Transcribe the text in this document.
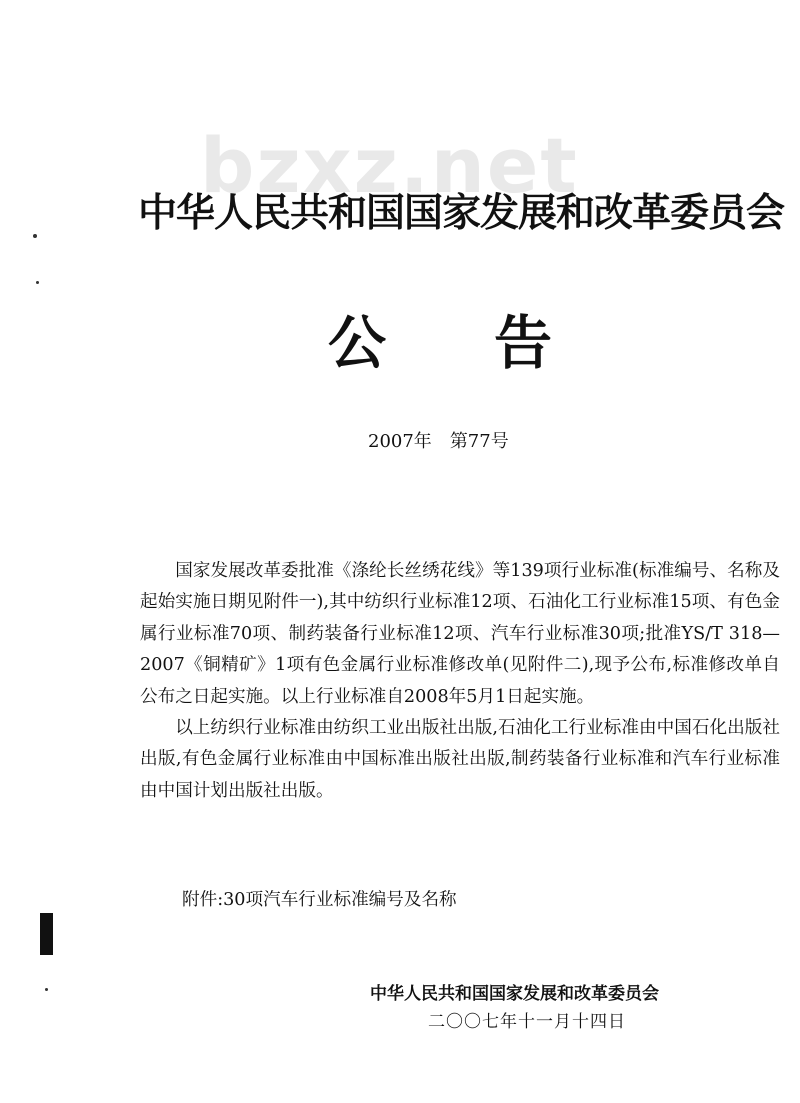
bzxz.net
中华人民共和国国家发展和改革委员会
公告
2007年 第77号

国家发展改革委批准《涤纶长丝绣花线》等139项行业标准(标准编号、名称及起始实施日期见附件一),其中纺织行业标准12项、石油化工行业标准15项、有色金属行业标准70项、制药装备行业标准12项、汽车行业标准30项;批准YS/T 318—2007《铜精矿》1项有色金属行业标准修改单(见附件二),现予公布,标准修改单自公布之日起实施。以上行业标准自2008年5月1日起实施。

以上纺织行业标准由纺织工业出版社出版,石油化工行业标准由中国石化出版社出版,有色金属行业标准由中国标准出版社出版,制药装备行业标准和汽车行业标准由中国计划出版社出版。

附件:30项汽车行业标准编号及名称
中华人民共和国国家发展和改革委员会
二〇〇七年十一月十四日
